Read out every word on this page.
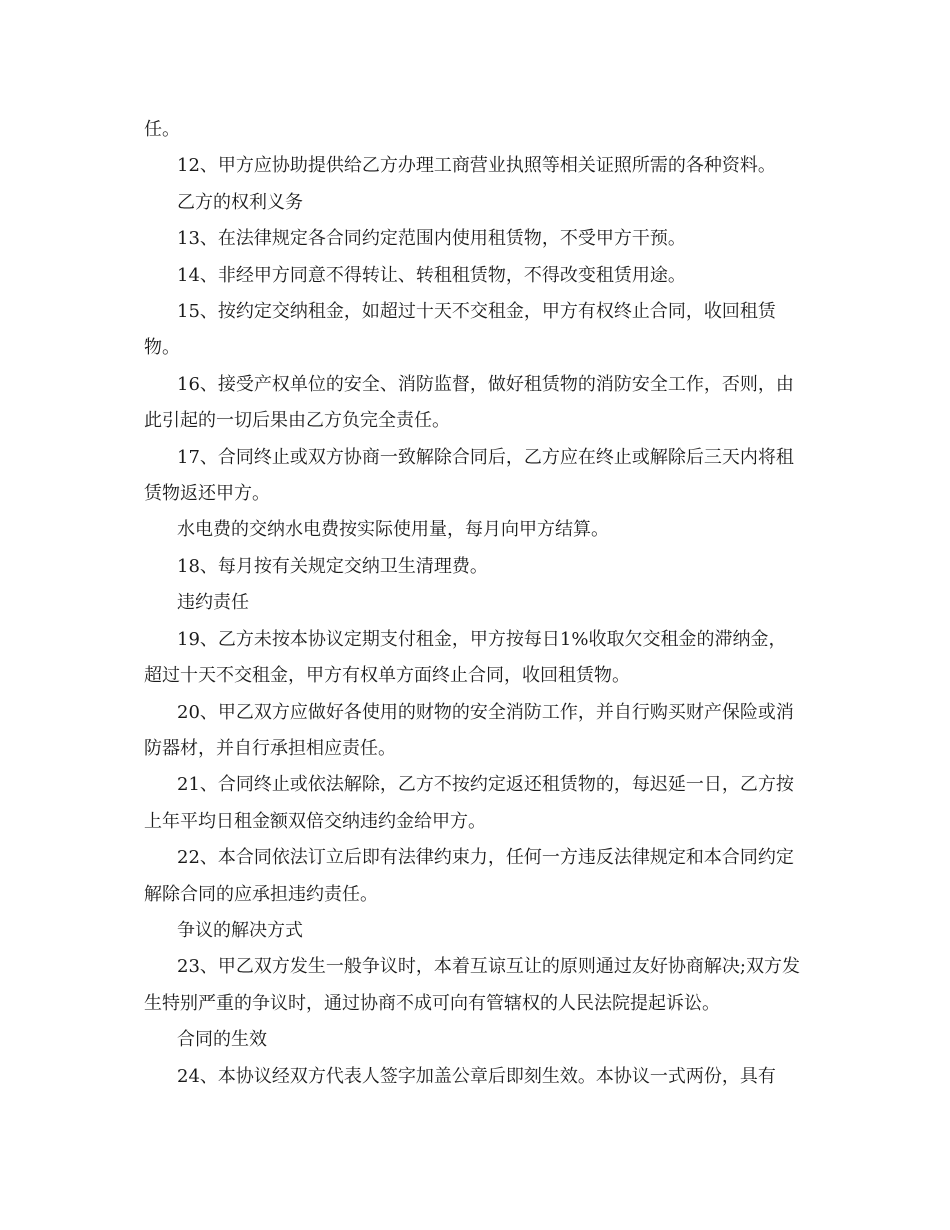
任。

12、甲方应协助提供给乙方办理工商营业执照等相关证照所需的各种资料。

乙方的权利义务

13、在法律规定各合同约定范围内使用租赁物，不受甲方干预。

14、非经甲方同意不得转让、转租租赁物，不得改变租赁用途。

15、按约定交纳租金，如超过十天不交租金，甲方有权终止合同，收回租赁物。

16、接受产权单位的安全、消防监督，做好租赁物的消防安全工作，否则，由此引起的一切后果由乙方负完全责任。

17、合同终止或双方协商一致解除合同后，乙方应在终止或解除后三天内将租赁物返还甲方。

水电费的交纳水电费按实际使用量，每月向甲方结算。

18、每月按有关规定交纳卫生清理费。

违约责任

19、乙方未按本协议定期支付租金，甲方按每日1%收取欠交租金的滞纳金，超过十天不交租金，甲方有权单方面终止合同，收回租赁物。

20、甲乙双方应做好各使用的财物的安全消防工作，并自行购买财产保险或消防器材，并自行承担相应责任。

21、合同终止或依法解除，乙方不按约定返还租赁物的，每迟延一日，乙方按上年平均日租金额双倍交纳违约金给甲方。

22、本合同依法订立后即有法律约束力，任何一方违反法律规定和本合同约定解除合同的应承担违约责任。

争议的解决方式

23、甲乙双方发生一般争议时，本着互谅互让的原则通过友好协商解决;双方发生特别严重的争议时，通过协商不成可向有管辖权的人民法院提起诉讼。

合同的生效

24、本协议经双方代表人签字加盖公章后即刻生效。本协议一式两份，具有
